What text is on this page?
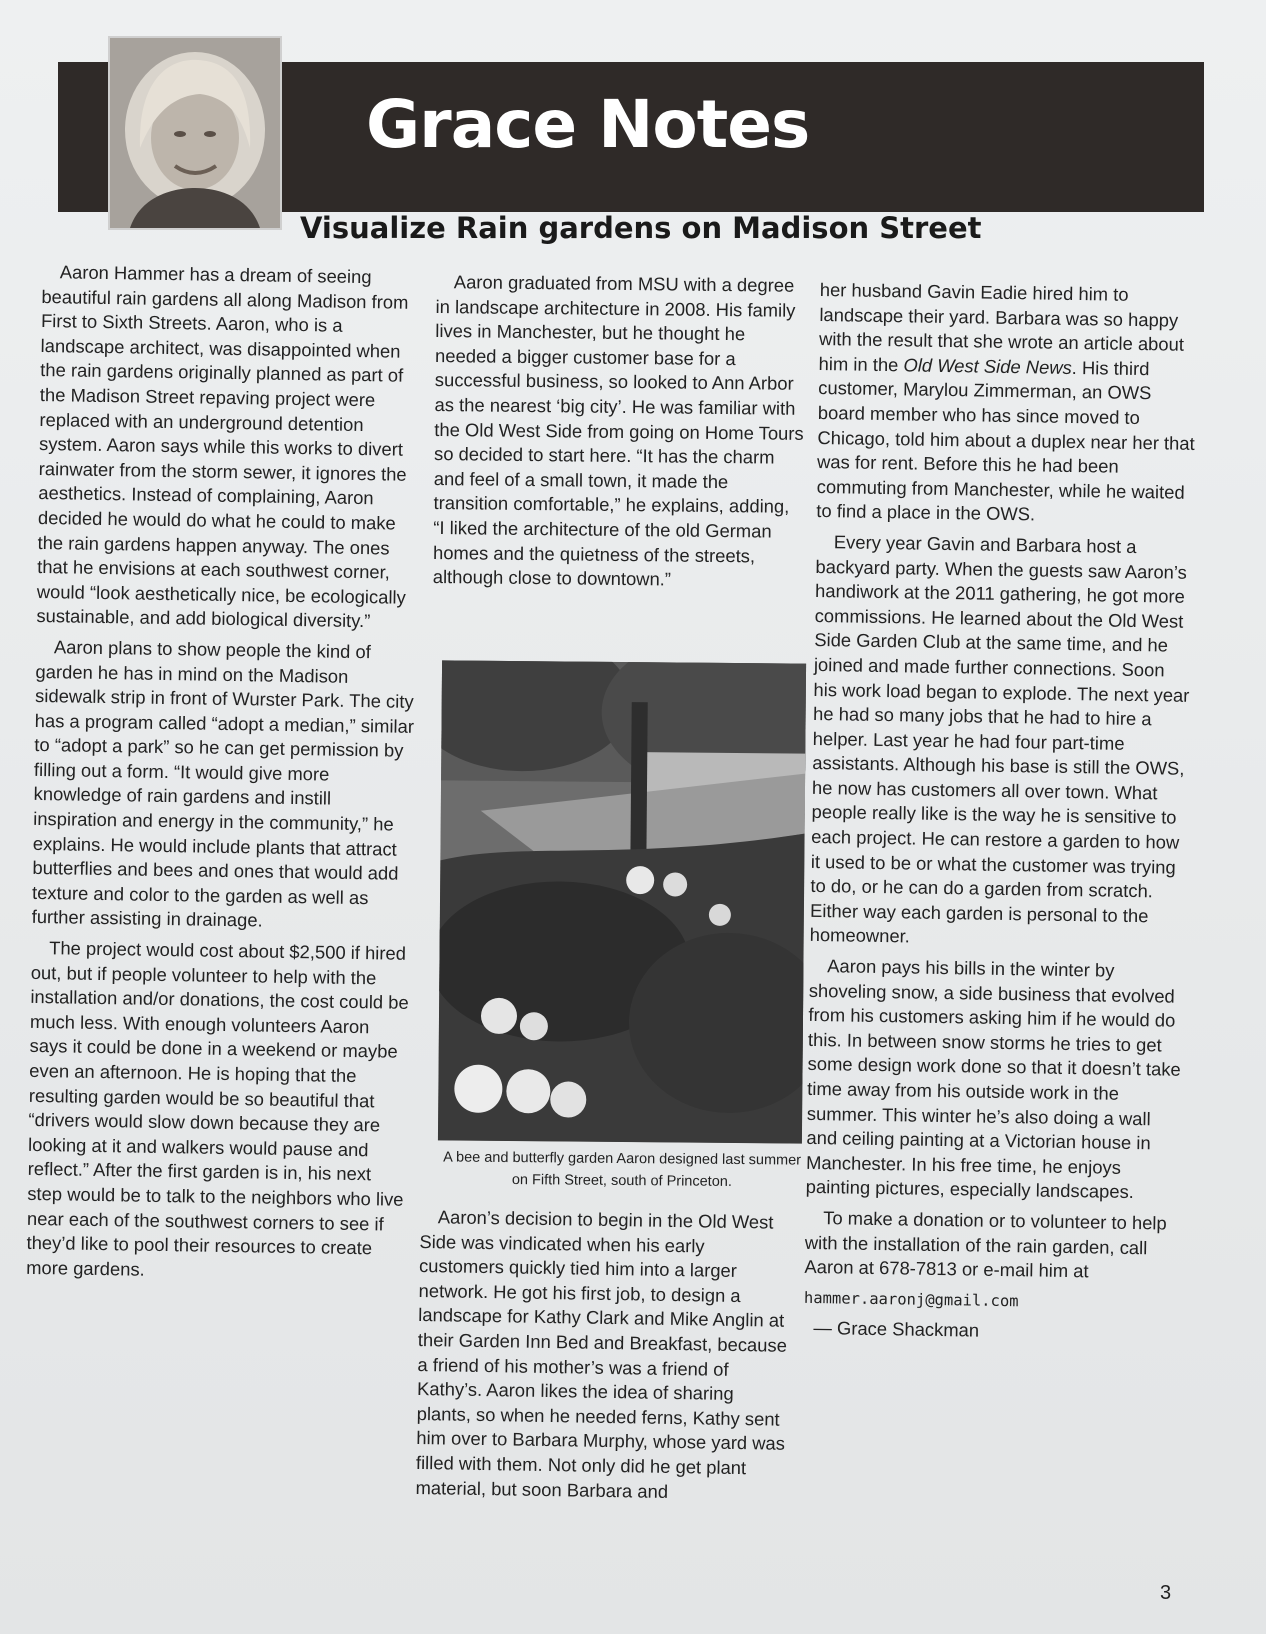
Grace Notes
Visualize Rain gardens on Madison Street

Aaron Hammer has a dream of seeing beautiful rain gardens all along Madison from First to Sixth Streets. Aaron, who is a landscape architect, was disappointed when the rain gardens originally planned as part of the Madison Street repaving project were replaced with an underground detention system. Aaron says while this works to divert rainwater from the storm sewer, it ignores the aesthetics. Instead of complaining, Aaron decided he would do what he could to make the rain gardens happen anyway. The ones that he envisions at each southwest corner, would “look aesthetically nice, be ecologically sustainable, and add biological diversity.”

Aaron plans to show people the kind of garden he has in mind on the Madison sidewalk strip in front of Wurster Park. The city has a program called “adopt a median,” similar to “adopt a park” so he can get permission by filling out a form. “It would give more knowledge of rain gardens and instill inspiration and energy in the community,” he explains. He would include plants that attract butterflies and bees and ones that would add texture and color to the garden as well as further assisting in drainage.

The project would cost about $2,500 if hired out, but if people volunteer to help with the installation and/or donations, the cost could be much less. With enough volunteers Aaron says it could be done in a weekend or maybe even an afternoon. He is hoping that the resulting garden would be so beautiful that “drivers would slow down because they are looking at it and walkers would pause and reflect.” After the first garden is in, his next step would be to talk to the neighbors who live near each of the southwest corners to see if they’d like to pool their resources to create more gardens.

Aaron graduated from MSU with a degree in landscape architecture in 2008. His family lives in Manchester, but he thought he needed a bigger customer base for a successful business, so looked to Ann Arbor as the nearest ‘big city’. He was familiar with the Old West Side from going on Home Tours so decided to start here. “It has the charm and feel of a small town, it made the transition comfortable,” he explains, adding, “I liked the architecture of the old German homes and the quietness of the streets, although close to downtown.”

A bee and butterfly garden Aaron designed last summer on Fifth Street, south of Princeton.

Aaron’s decision to begin in the Old West Side was vindicated when his early customers quickly tied him into a larger network. He got his first job, to design a landscape for Kathy Clark and Mike Anglin at their Garden Inn Bed and Breakfast, because a friend of his mother’s was a friend of Kathy’s. Aaron likes the idea of sharing plants, so when he needed ferns, Kathy sent him over to Barbara Murphy, whose yard was filled with them. Not only did he get plant material, but soon Barbara and

her husband Gavin Eadie hired him to landscape their yard. Barbara was so happy with the result that she wrote an article about him in the Old West Side News. His third customer, Marylou Zimmerman, an OWS board member who has since moved to Chicago, told him about a duplex near her that was for rent. Before this he had been commuting from Manchester, while he waited to find a place in the OWS.

Every year Gavin and Barbara host a backyard party. When the guests saw Aaron’s handiwork at the 2011 gathering, he got more commissions. He learned about the Old West Side Garden Club at the same time, and he joined and made further connections. Soon his work load began to explode. The next year he had so many jobs that he had to hire a helper. Last year he had four part-time assistants. Although his base is still the OWS, he now has customers all over town. What people really like is the way he is sensitive to each project. He can restore a garden to how it used to be or what the customer was trying to do, or he can do a garden from scratch. Either way each garden is personal to the homeowner.

Aaron pays his bills in the winter by shoveling snow, a side business that evolved from his customers asking him if he would do this. In between snow storms he tries to get some design work done so that it doesn’t take time away from his outside work in the summer. This winter he’s also doing a wall and ceiling painting at a Victorian house in Manchester. In his free time, he enjoys painting pictures, especially landscapes.

To make a donation or to volunteer to help with the installation of the rain garden, call Aaron at 678-7813 or e-mail him at

hammer.aaronj@gmail.com

— Grace Shackman

3
